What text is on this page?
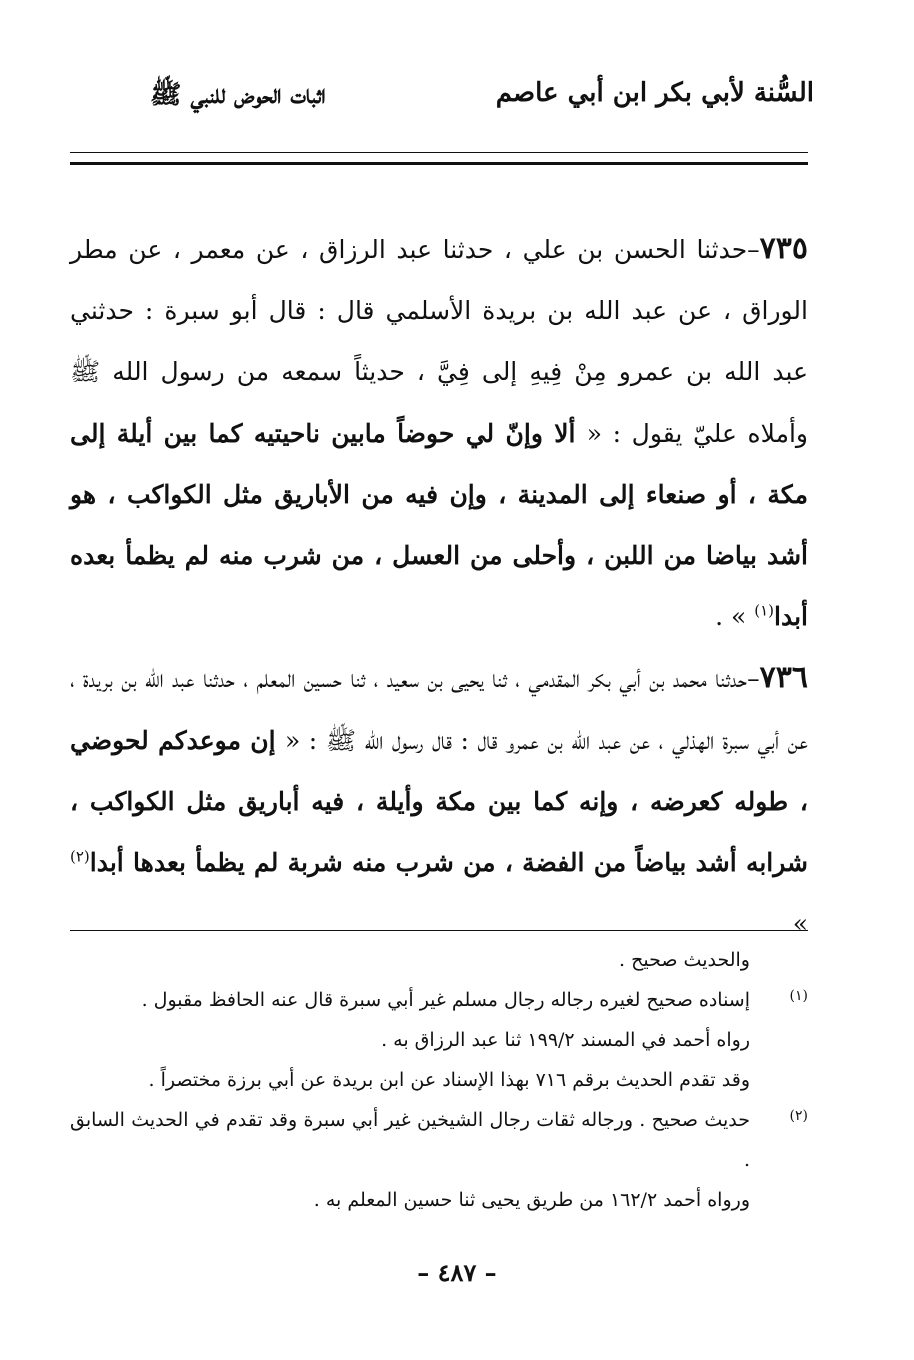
السُّنة لأبي بكر ابن أبي عاصم
اثبات الحوض للنبي ﷺ

٧٣٥–حدثنا الحسن بن علي ، حدثنا عبد الرزاق ، عن معمر ، عن مطر الوراق ، عن عبد الله بن بريدة الأسلمي قال : قال أبو سبرة : حدثني عبد الله بن عمرو مِنْ فِيهِ إلى فِيَّ ، حديثاً سمعه من رسول الله ﷺ وأملاه عليّ يقول : « ألا وإنّ لي حوضاً مابين ناحيتيه كما بين أيلة إلى مكة ، أو صنعاء إلى المدينة ، وإن فيه من الأباريق مثل الكواكب ، هو أشد بياضا من اللبن ، وأحلى من العسل ، من شرب منه لم يظمأ بعده أبدا$^{(١)}$ » .

٧٣٦–حدثنا محمد بن أبي بكر المقدمي ، ثنا يحيى بن سعيد ، ثنا حسين المعلم ، حدثنا عبد الله بن بريدة ، عن أبي سبرة الهذلي ، عن عبد الله بن عمرو قال : قال رسول الله ﷺ : « إن موعدكم لحوضي ، طوله كعرضه ، وإنه كما بين مكة وأيلة ، فيه أباريق مثل الكواكب ، شرابه أشد بياضاً من الفضة ، من شرب منه شربة لم يظمأ بعدها أبدا$^{(٢)}$ »

والحديث صحيح .

(١)

إسناده صحيح لغيره رجاله رجال مسلم غير أبي سبرة قال عنه الحافظ مقبول .

رواه أحمد في المسند ١٩٩/٢ ثنا عبد الرزاق به .

وقد تقدم الحديث برقم ٧١٦ بهذا الإسناد عن ابن بريدة عن أبي برزة مختصراً .

(٢)

حديث صحيح . ورجاله ثقات رجال الشيخين غير أبي سبرة وقد تقدم في الحديث السابق .

ورواه أحمد ١٦٢/٢ من طريق يحيى ثنا حسين المعلم به .

– ٤٨٧ –
